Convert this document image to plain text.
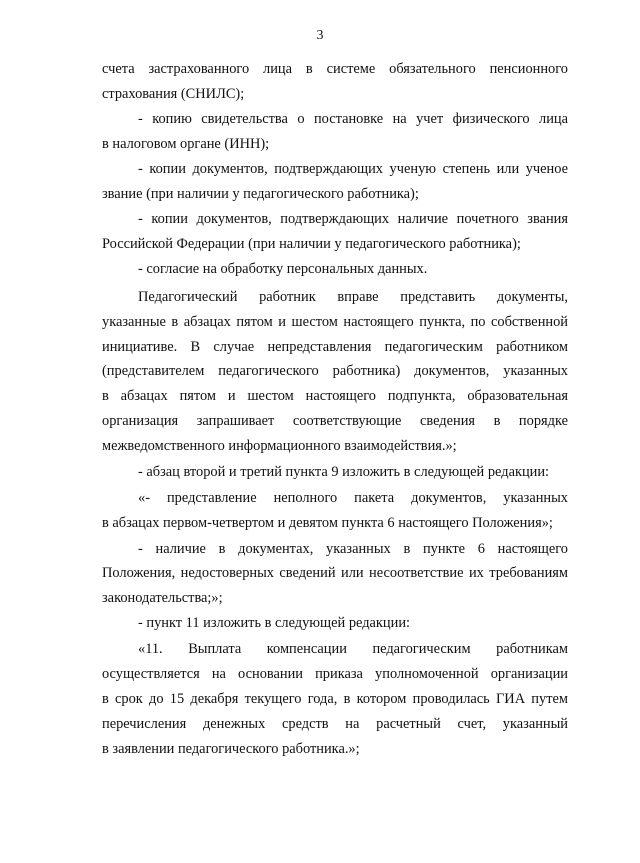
3
счета застрахованного лица в системе обязательного пенсионного
страхования (СНИЛС);
- копию свидетельства о постановке на учет физического лица
в налоговом органе (ИНН);
- копии документов, подтверждающих ученую степень или ученое
звание (при наличии у педагогического работника);
- копии документов, подтверждающих наличие почетного звания
Российской Федерации (при наличии у педагогического работника);
- согласие на обработку персональных данных.
Педагогический работник вправе представить документы,
указанные в абзацах пятом и шестом настоящего пункта, по собственной
инициативе. В случае непредставления педагогическим работником
(представителем педагогического работника) документов, указанных
в абзацах пятом и шестом настоящего подпункта, образовательная
организация запрашивает соответствующие сведения в порядке
межведомственного информационного взаимодействия.»;
- абзац второй и третий пункта 9 изложить в следующей редакции:
«- представление неполного пакета документов, указанных
в абзацах первом-четвертом и девятом пункта 6 настоящего Положения»;
- наличие в документах, указанных в пункте 6 настоящего
Положения, недостоверных сведений или несоответствие их требованиям
законодательства;»;
- пункт 11 изложить в следующей редакции:
«11. Выплата компенсации педагогическим работникам
осуществляется на основании приказа уполномоченной организации
в срок до 15 декабря текущего года, в котором проводилась ГИА путем
перечисления денежных средств на расчетный счет, указанный
в заявлении педагогического работника.»;
